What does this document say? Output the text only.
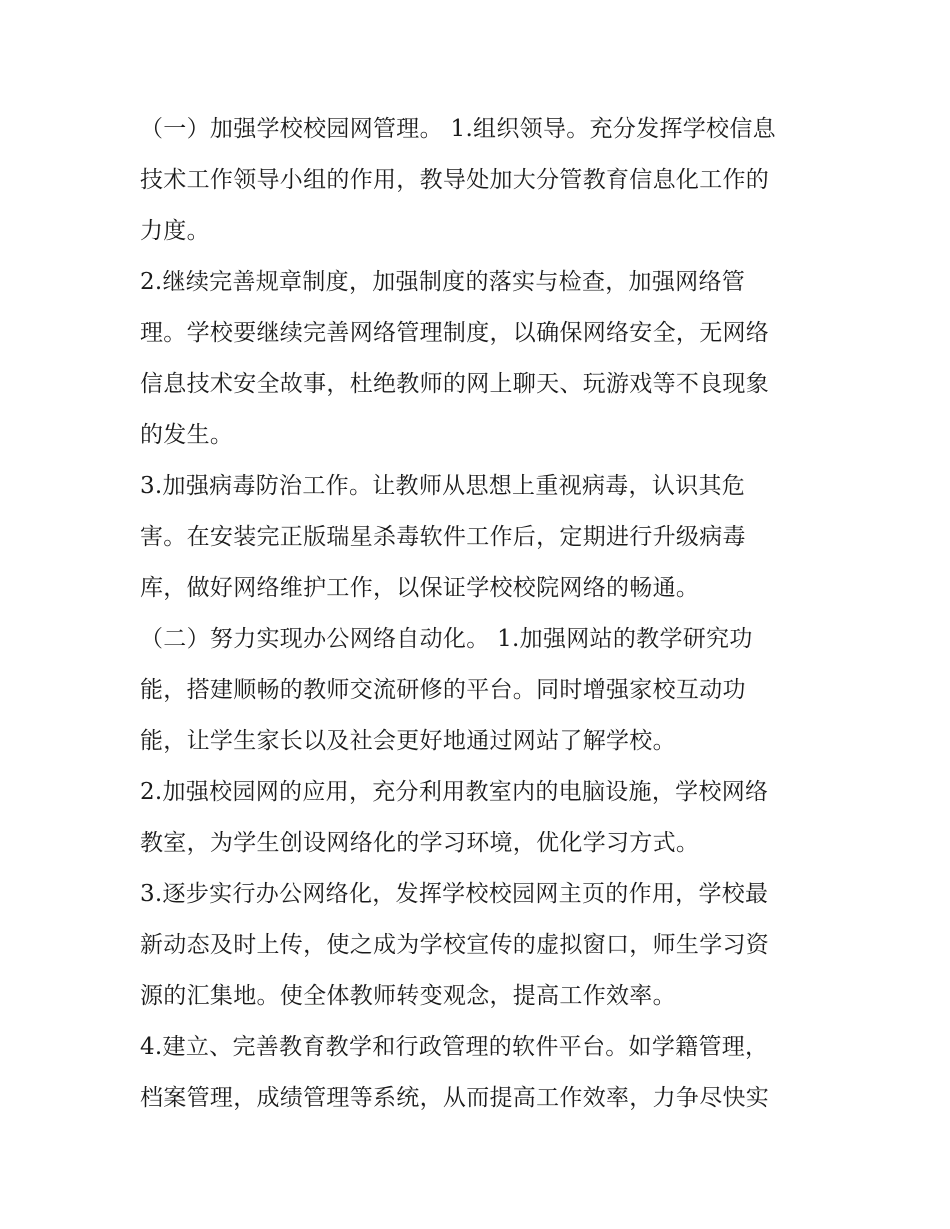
（一）加强学校校园网管理。 1.组织领导。充分发挥学校信息
技术工作领导小组的作用，教导处加大分管教育信息化工作的
力度。
2.继续完善规章制度，加强制度的落实与检查，加强网络管
理。学校要继续完善网络管理制度，以确保网络安全，无网络
信息技术安全故事，杜绝教师的网上聊天、玩游戏等不良现象
的发生。
3.加强病毒防治工作。让教师从思想上重视病毒，认识其危
害。在安装完正版瑞星杀毒软件工作后，定期进行升级病毒
库，做好网络维护工作，以保证学校校院网络的畅通。
（二）努力实现办公网络自动化。 1.加强网站的教学研究功
能，搭建顺畅的教师交流研修的平台。同时增强家校互动功
能，让学生家长以及社会更好地通过网站了解学校。
2.加强校园网的应用，充分利用教室内的电脑设施，学校网络
教室，为学生创设网络化的学习环境，优化学习方式。
3.逐步实行办公网络化，发挥学校校园网主页的作用，学校最
新动态及时上传，使之成为学校宣传的虚拟窗口，师生学习资
源的汇集地。使全体教师转变观念，提高工作效率。
4.建立、完善教育教学和行政管理的软件平台。如学籍管理，
档案管理，成绩管理等系统，从而提高工作效率，力争尽快实
